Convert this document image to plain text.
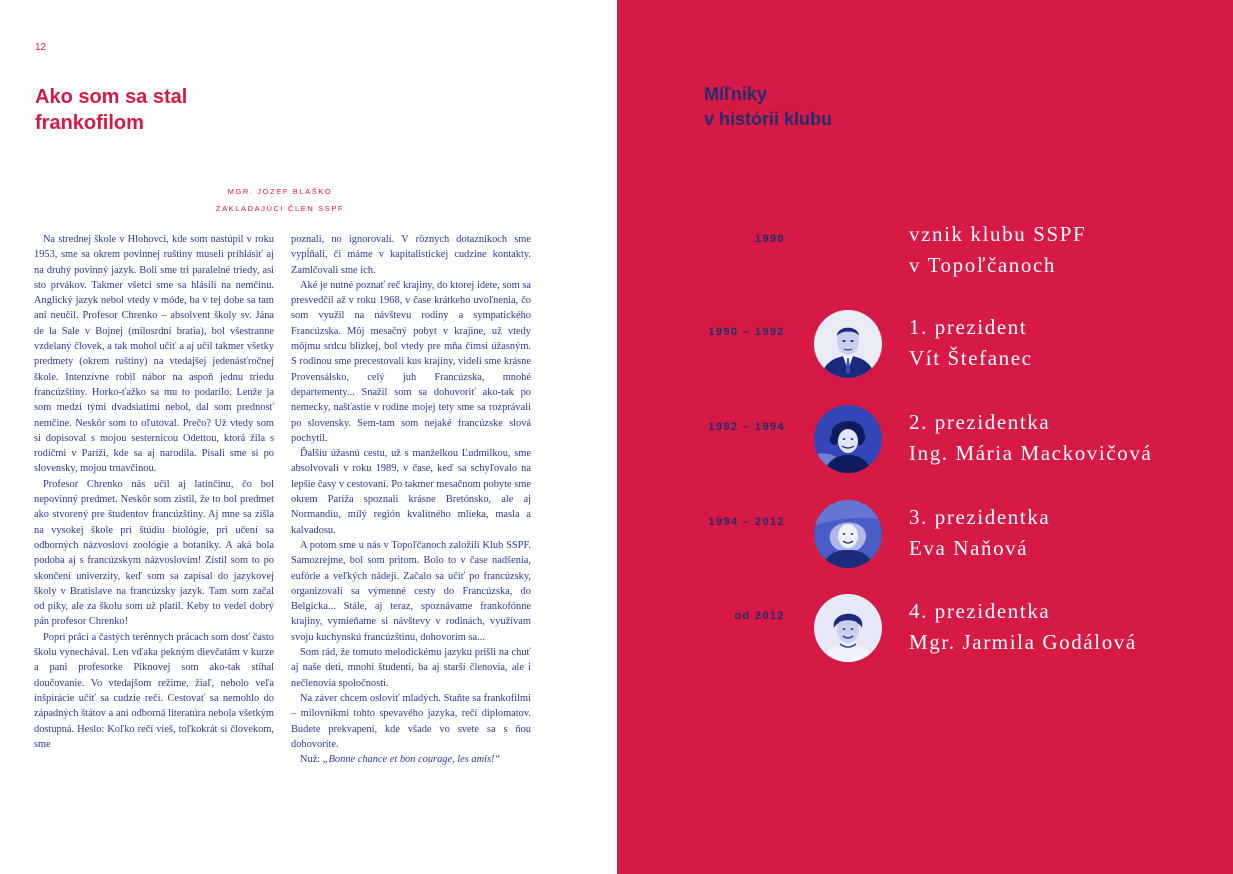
12
Ako som sa stal
frankofilom
MGR. JOZEF BLAŠKO
ZAKLADAJÚCI ČLEN SSPF

Na strednej škole v Hlohovci, kde som nastúpil v roku 1953, sme sa okrem povinnej ruštiny museli prihlásiť aj na druhý povinný jazyk. Boli sme tri paralelné triedy, asi sto prvákov. Takmer všetci sme sa hlásili na nemčinu. Anglický jazyk nebol vtedy v móde, ba v tej dobe sa tam ani neučil. Profesor Chrenko – absolvent školy sv. Jána de la Sale v Bojnej (milosrdní bratia), bol všestranne vzdelaný človek, a tak mohol učiť a aj učil takmer všetky predmety (okrem ruštiny) na vtedajšej jedenásťročnej škole. Intenzívne robil nábor na aspoň jednu triedu francúzštiny. Horko-ťažko sa mu to podarilo. Lenže ja som medzi tými dvadsiatimi nebol, dal som prednosť nemčine. Neskôr som to oľutoval. Prečo? Už vtedy som si dopisoval s mojou sesternicou Odettou, ktorá žila s rodičmi v Paríži, kde sa aj narodila. Písali sme si po slovensky, mojou trnavčinou.

Profesor Chrenko nás učil aj latinčinu, čo bol nepovinný predmet. Neskôr som zistil, že to bol predmet ako stvorený pre študentov francúzštiny. Aj mne sa zišla na vysokej škole pri štúdiu biológie, pri učení sa odborných názvosloví zoológie a botaniky. A aká bola podoba aj s francúzskym názvoslovím! Zistil som to po skončení univerzity, keď som sa zapísal do jazykovej školy v Bratislave na francúzsky jazyk. Tam som začal od piky, ale za školu som už platil. Keby to vedel dobrý pán profesor Chrenko!

Popri práci a častých terénnych prácach som dosť často školu vynechával. Len vďaka pekným dievčatám v kurze a pani profesorke Piknovej som ako-tak stíhal doučovanie. Vo vtedajšom režime, žiaľ, nebolo veľa inšpirácie učiť sa cudzie reči. Cestovať sa nemohlo do západných štátov a ani odborná literatúra nebola všetkým dostupná. Heslo: Koľko rečí vieš, toľkokrát si človekom, sme

poznali, no ignorovali. V rôznych dotazníkoch sme vypĺňali, či máme v kapitalistickej cudzine kontakty. Zamlčovali sme ich.

Aké je nutné poznať reč krajiny, do ktorej idete, som sa presvedčil až v roku 1968, v čase krátkeho uvoľnenia, čo som využil na návštevu rodiny a sympatického Francúzska. Môj mesačný pobyt v krajine, už vtedy môjmu srdcu blízkej, bol vtedy pre mňa čímsi úžasným. S rodinou sme precestovali kus krajiny, videli sme krásne Provensálsko, celý juh Francúzska, mnohé departementy... Snažil som sa dohovoriť ako-tak po nemecky, našťastie v rodine mojej tety sme sa rozprávali po slovensky. Sem-tam som nejaké francúzske slová pochytil.

Ďalšiu úžasnú cestu, už s manželkou Ľudmilkou, sme absolvovali v roku 1989, v čase, keď sa schyľovalo na lepšie časy v cestovaní. Po takmer mesačnom pobyte sme okrem Paríža spoznali krásne Bretónsko, ale aj Normandiu, milý región kvalitného mlieka, masla a kalvadosu.

A potom sme u nás v Topoľčanoch založili Klub SSPF. Samozrejme, bol som pritom. Bolo to v čase nadšenia, eufórie a veľkých nádejí. Začalo sa učiť po francúzsky, organizovali sa výmenné cesty do Francúzska, do Belgicka... Stále, aj teraz, spoznávame frankofónne krajiny, vymieňame si návštevy v rodinách, využívam svoju kuchynskú francúzštinu, dohovorím sa...

Som rád, že tomuto melodickému jazyku prišli na chuť aj naše deti, mnohí študenti, ba aj starší členovia, ale i nečlenovia spoločnosti.

Na záver chcem osloviť mladých. Staňte sa frankofilmi – milovníkmi tohto spevavého jazyka, rečí diplomatov. Budete prekvapení, kde všade vo svete sa s ňou dohovoríte.

Nuž: „Bonne chance et bon courage, les amis!“

Míľniky
v histórii klubu
1990	vznik klubu SSPF
v Topoľčanoch
1990 – 1992	1. prezident
Vít Štefanec
1992 – 1994	2. prezidentka
Ing. Mária Mackovičová
1994 – 2012	3. prezidentka
Eva Naňová
od 2012	4. prezidentka
Mgr. Jarmila Godálová
